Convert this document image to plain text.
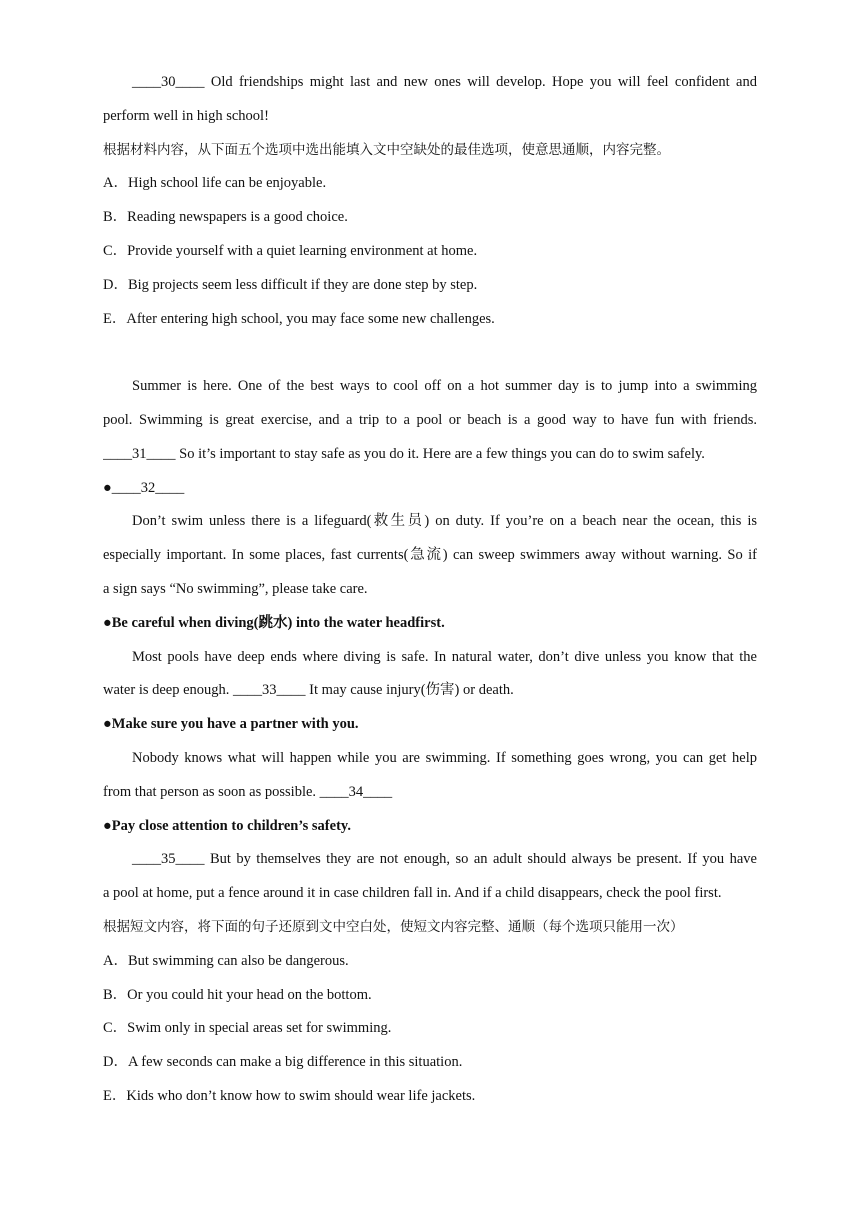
____30____ Old friendships might last and new ones will develop. Hope you will feel confident and
perform well in high school!
根据材料内容，从下面五个选项中选出能填入文中空缺处的最佳选项，使意思通顺，内容完整。
A．High school life can be enjoyable.
B．Reading newspapers is a good choice.
C．Provide yourself with a quiet learning environment at home.
D．Big projects seem less difficult if they are done step by step.
E．After entering high school, you may face some new challenges.
Summer is here. One of the best ways to cool off on a hot summer day is to jump into a swimming
pool. Swimming is great exercise, and a trip to a pool or beach is a good way to have fun with friends.
____31____ So it’s important to stay safe as you do it. Here are a few things you can do to swim safely.
●____32____
Don’t swim unless there is a lifeguard(救生员) on duty. If you’re on a beach near the ocean, this is
especially important. In some places, fast currents(急流) can sweep swimmers away without warning. So if
a sign says “No swimming”, please take care.
●Be careful when diving(跳水) into the water headfirst.
Most pools have deep ends where diving is safe. In natural water, don’t dive unless you know that the
water is deep enough. ____33____ It may cause injury(伤害) or death.
●Make sure you have a partner with you.
Nobody knows what will happen while you are swimming. If something goes wrong, you can get help
from that person as soon as possible. ____34____
●Pay close attention to children’s safety.
____35____ But by themselves they are not enough, so an adult should always be present. If you have
a pool at home, put a fence around it in case children fall in. And if a child disappears, check the pool first.
根据短文内容，将下面的句子还原到文中空白处，使短文内容完整、通顺（每个选项只能用一次）
A．But swimming can also be dangerous.
B．Or you could hit your head on the bottom.
C．Swim only in special areas set for swimming.
D．A few seconds can make a big difference in this situation.
E．Kids who don’t know how to swim should wear life jackets.
